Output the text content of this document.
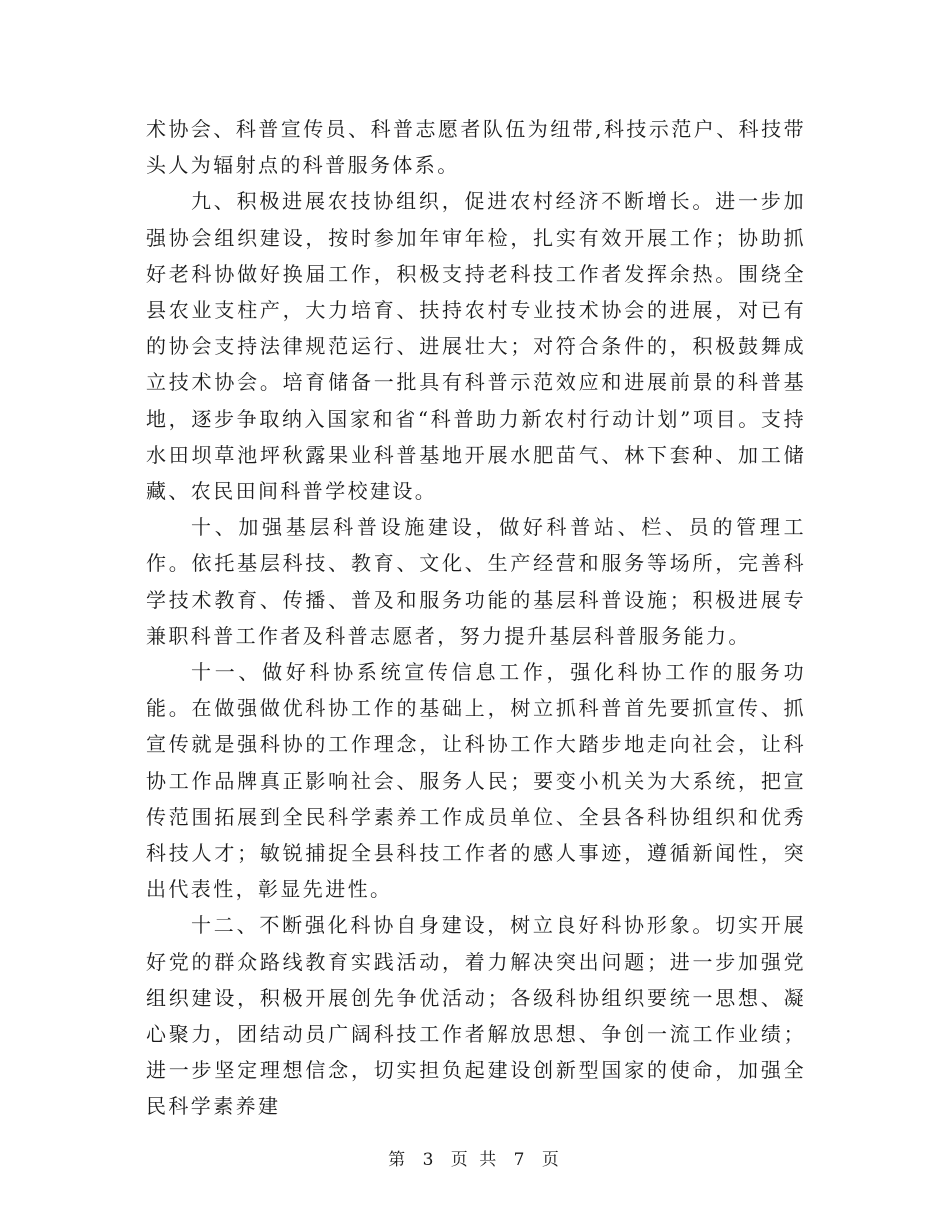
术协会、科普宣传员、科普志愿者队伍为纽带,科技示范户、科技带头人为辐射点的科普服务体系。

九、积极进展农技协组织，促进农村经济不断增长。进一步加强协会组织建设，按时参加年审年检，扎实有效开展工作；协助抓好老科协做好换届工作，积极支持老科技工作者发挥余热。围绕全县农业支柱产，大力培育、扶持农村专业技术协会的进展，对已有的协会支持法律规范运行、进展壮大；对符合条件的，积极鼓舞成立技术协会。培育储备一批具有科普示范效应和进展前景的科普基地，逐步争取纳入国家和省“科普助力新农村行动计划”项目。支持水田坝草池坪秋露果业科普基地开展水肥苗气、林下套种、加工储藏、农民田间科普学校建设。

十、加强基层科普设施建设，做好科普站、栏、员的管理工作。依托基层科技、教育、文化、生产经营和服务等场所，完善科学技术教育、传播、普及和服务功能的基层科普设施；积极进展专兼职科普工作者及科普志愿者，努力提升基层科普服务能力。

十一、做好科协系统宣传信息工作，强化科协工作的服务功能。在做强做优科协工作的基础上，树立抓科普首先要抓宣传、抓宣传就是强科协的工作理念，让科协工作大踏步地走向社会，让科协工作品牌真正影响社会、服务人民；要变小机关为大系统，把宣传范围拓展到全民科学素养工作成员单位、全县各科协组织和优秀科技人才；敏锐捕捉全县科技工作者的感人事迹，遵循新闻性，突出代表性，彰显先进性。

十二、不断强化科协自身建设，树立良好科协形象。切实开展好党的群众路线教育实践活动，着力解决突出问题；进一步加强党组织建设，积极开展创先争优活动；各级科协组织要统一思想、凝心聚力，团结动员广阔科技工作者解放思想、争创一流工作业绩；进一步坚定理想信念，切实担负起建设创新型国家的使命，加强全民科学素养建

第 3 页 共 7 页
